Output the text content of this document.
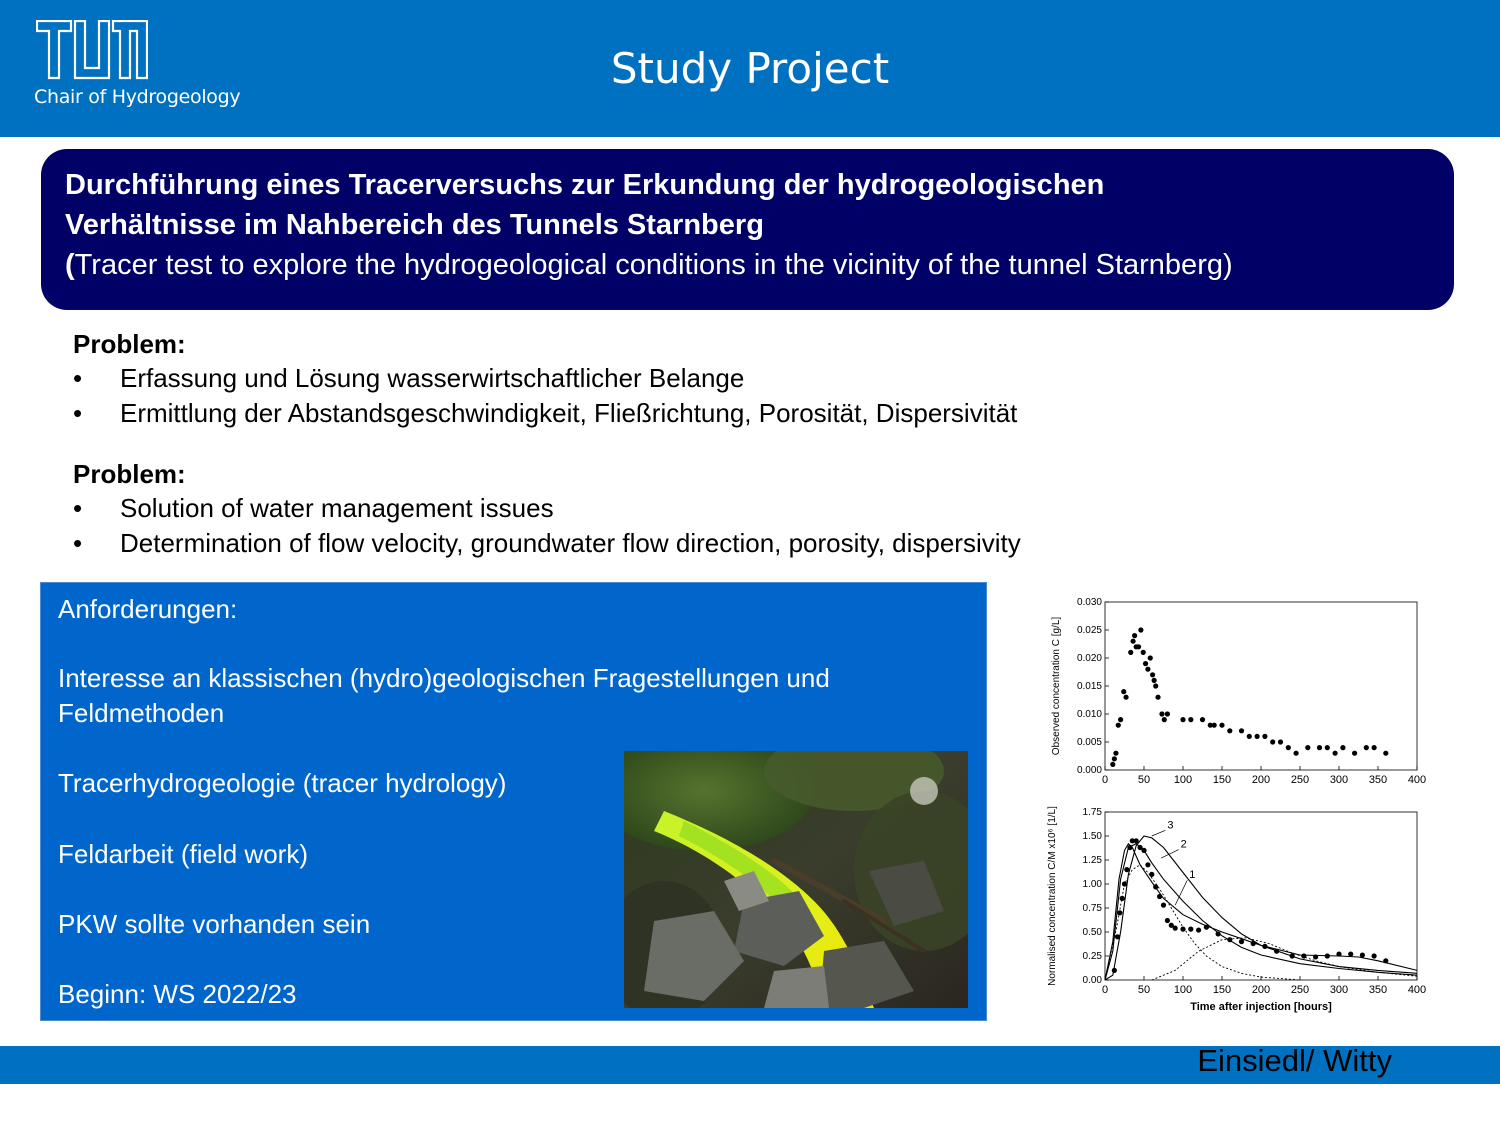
Chair of Hydrogeology
Study Project
Durchführung eines Tracerversuchs zur Erkundung der hydrogeologischen
Verhältnisse im Nahbereich des Tunnels Starnberg
(Tracer test to explore the hydrogeological conditions in the vicinity of the tunnel Starnberg)
Problem:
• Erfassung und Lösung wasserwirtschaftlicher Belange
• Ermittlung der Abstandsgeschwindigkeit, Fließrichtung, Porosität, Dispersivität
Problem:
• Solution of water management issues
• Determination of flow velocity, groundwater flow direction, porosity, dispersivity
Anforderungen:
Interesse an klassischen (hydro)geologischen Fragestellungen und
Feldmethoden
Tracerhydrogeologie (tracer hydrology)
Feldarbeit (field work)
PKW sollte vorhanden sein
Beginn: WS 2022/23
0	50 100 150 200 250 300 350 400
0.000
0.005
0.010
0.015
0.020
0.025
0.030
Observed concentration C [g/L]
0	50 100 150 200 250 300 350 400
0.00
0.25
0.50
0.75
1.00
1.25
1.50
1.75
Normalised concentration C/M x10⁶ [1/L]
Time after injection [hours]
3
2
1
Einsiedl/ Witty
